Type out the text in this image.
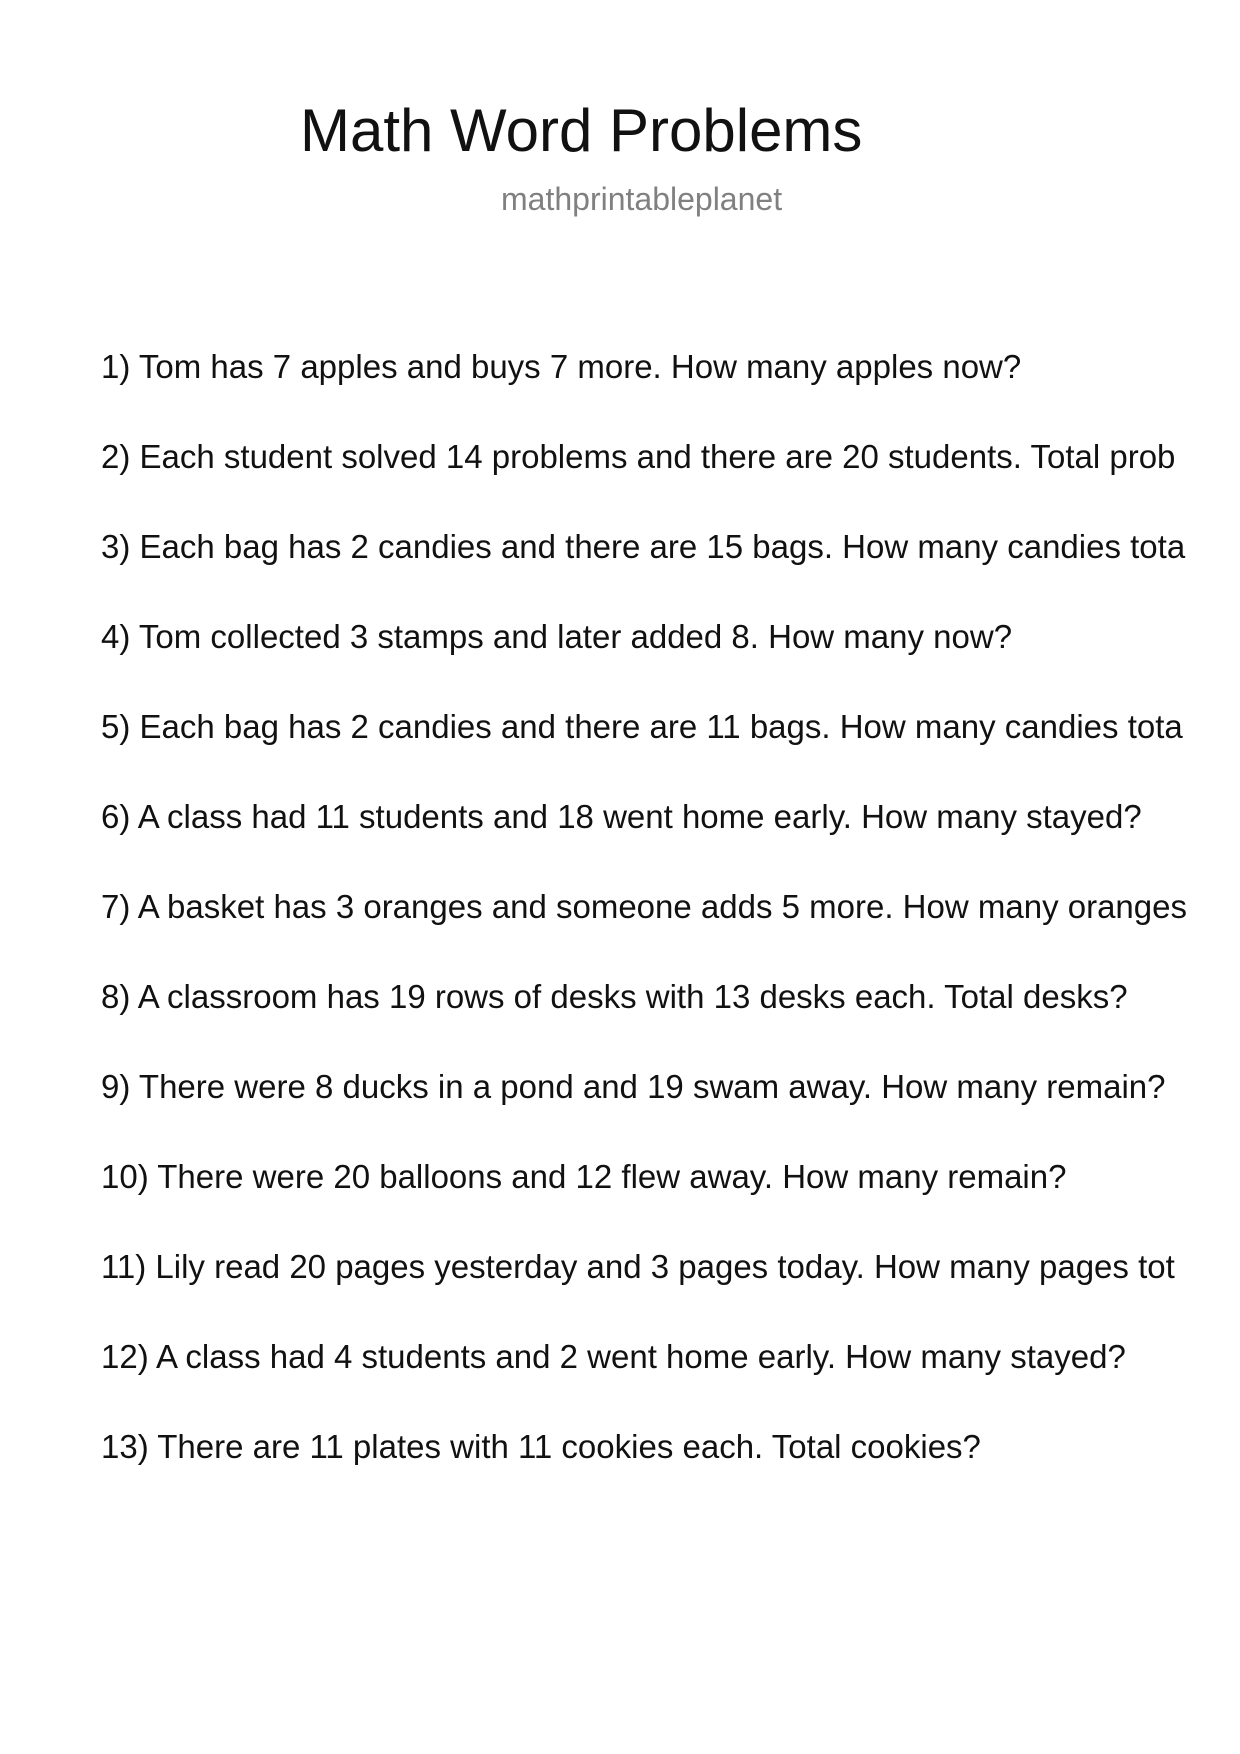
Math Word Problems
mathprintableplanet
1) Tom has 7 apples and buys 7 more. How many apples now?
2) Each student solved 14 problems and there are 20 students. Total prob
3) Each bag has 2 candies and there are 15 bags. How many candies tota
4) Tom collected 3 stamps and later added 8. How many now?
5) Each bag has 2 candies and there are 11 bags. How many candies tota
6) A class had 11 students and 18 went home early. How many stayed?
7) A basket has 3 oranges and someone adds 5 more. How many oranges
8) A classroom has 19 rows of desks with 13 desks each. Total desks?
9) There were 8 ducks in a pond and 19 swam away. How many remain?
10) There were 20 balloons and 12 flew away. How many remain?
11) Lily read 20 pages yesterday and 3 pages today. How many pages tot
12) A class had 4 students and 2 went home early. How many stayed?
13) There are 11 plates with 11 cookies each. Total cookies?
